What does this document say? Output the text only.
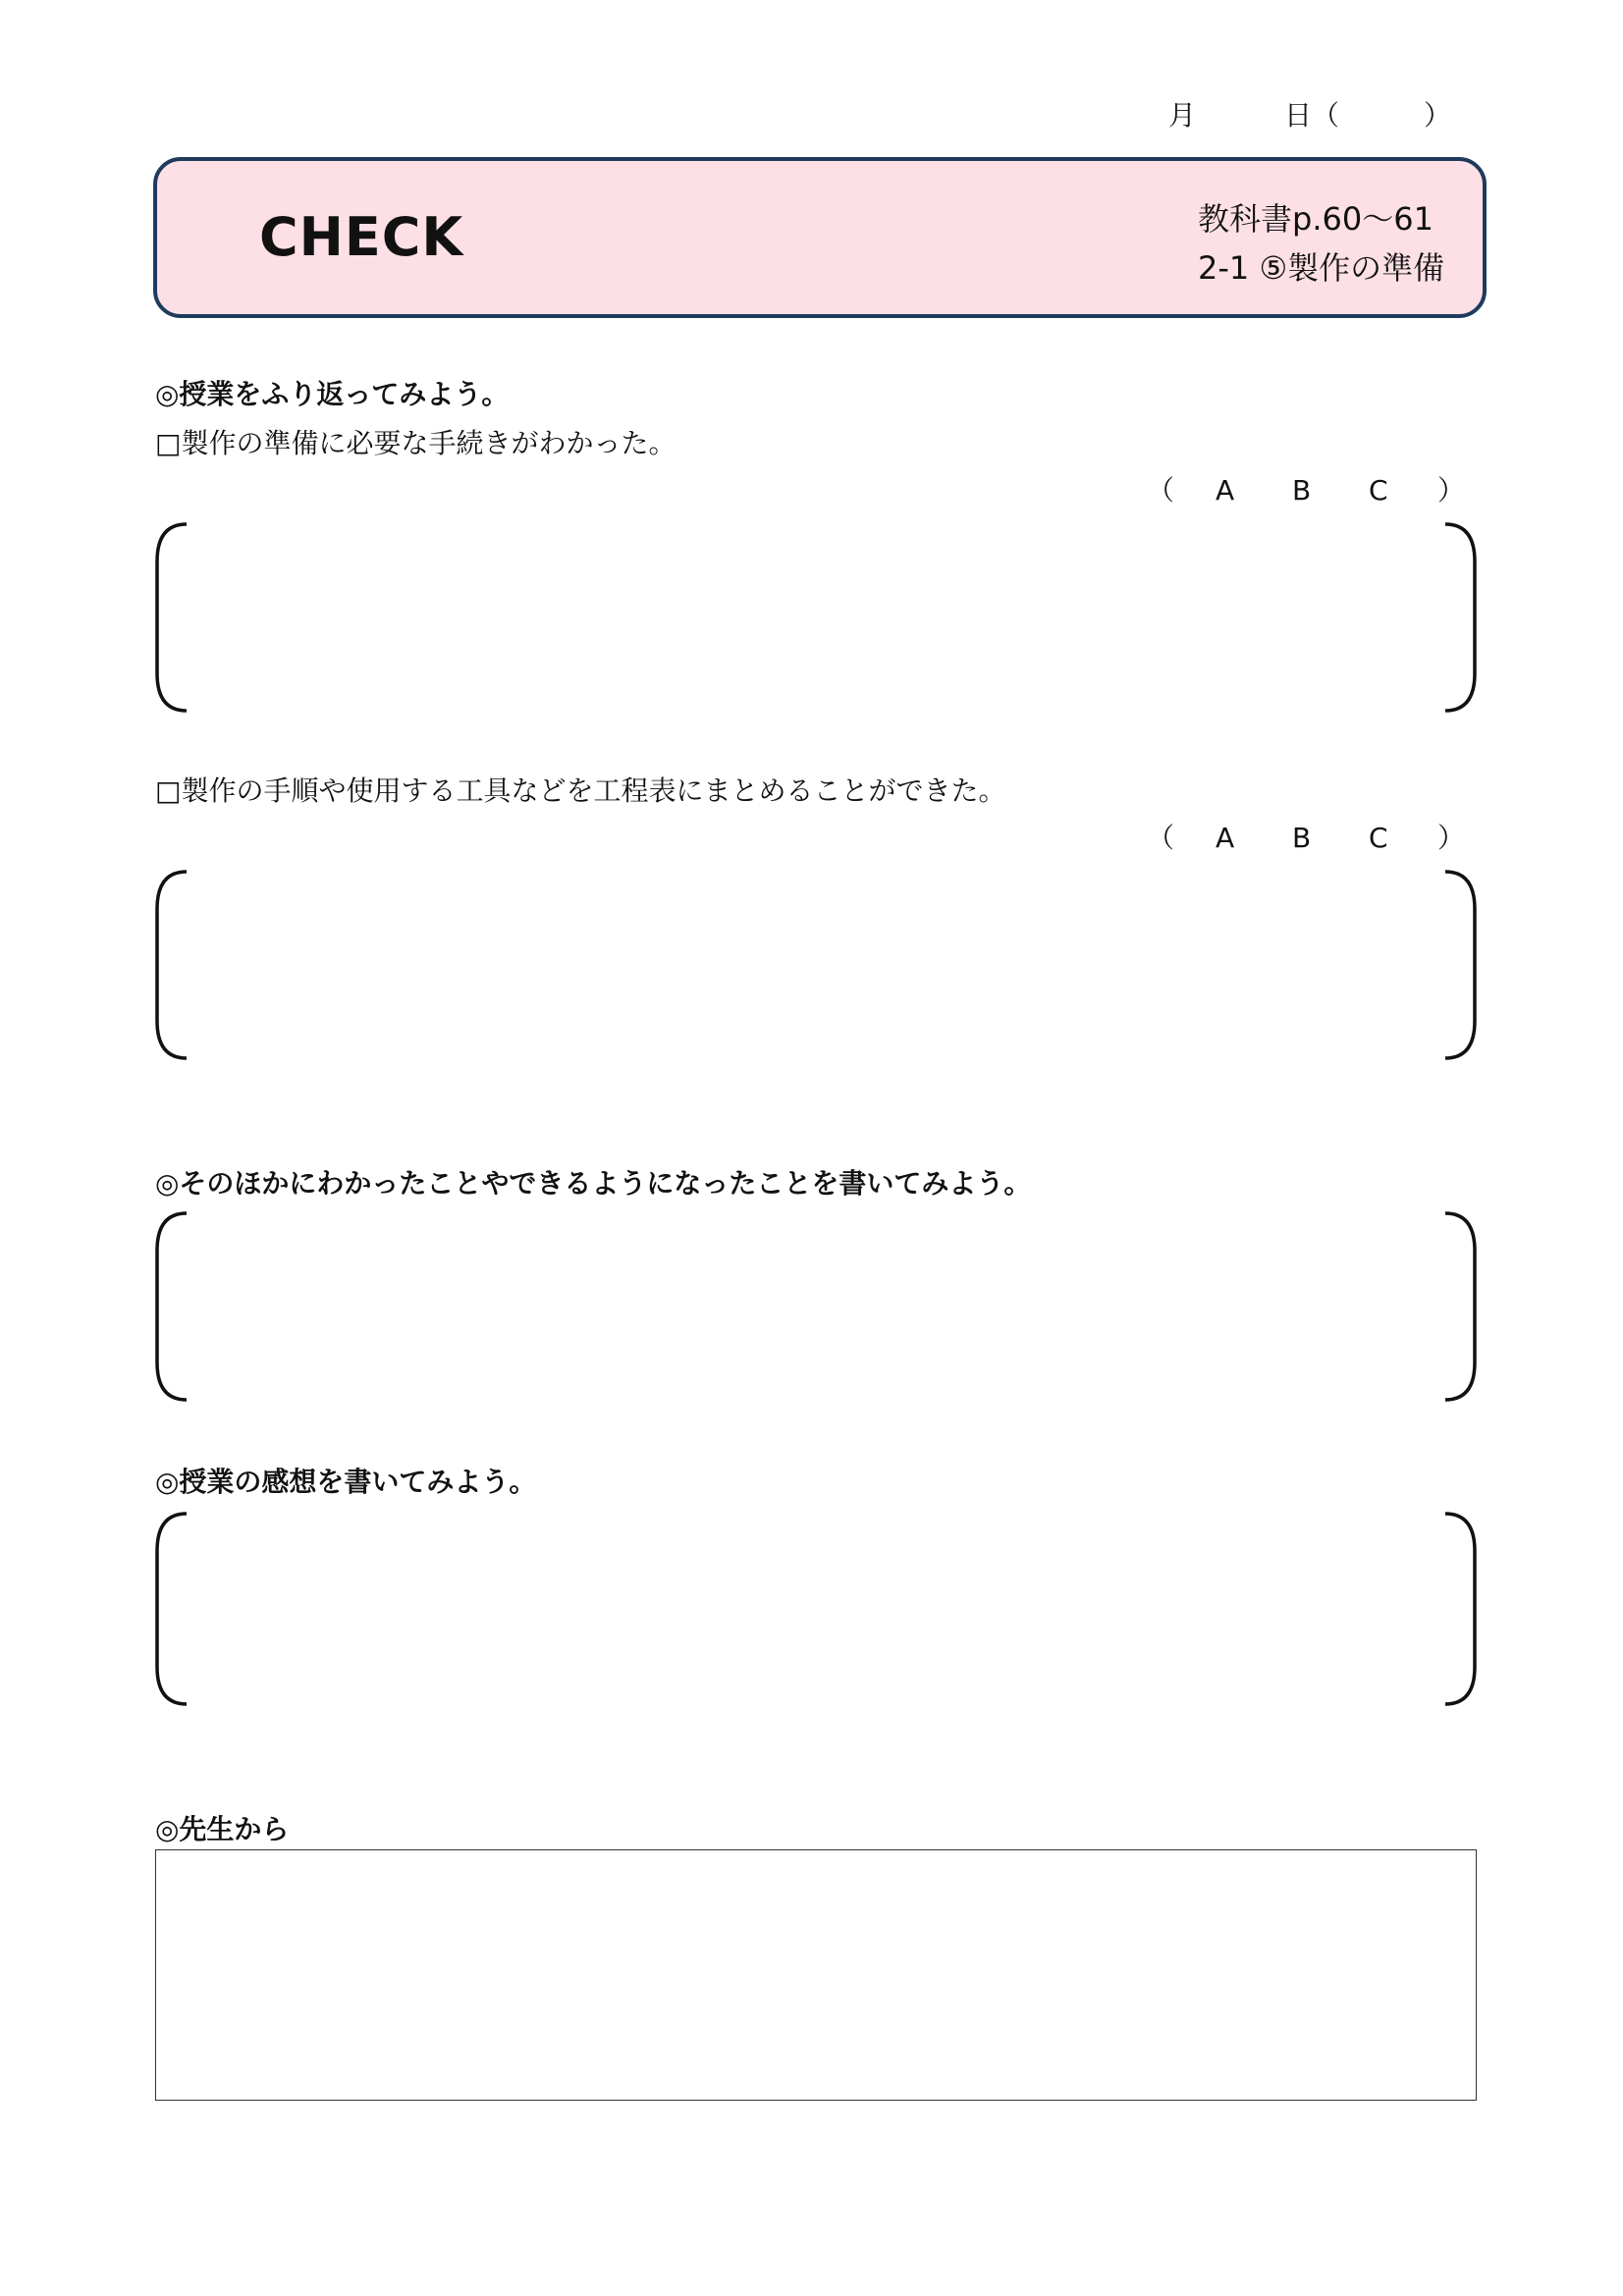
月	日（	）
CHECK	教科書p.60〜61
2-1 ⑤製作の準備
◎授業をふり返ってみよう。
□製作の準備に必要な手続きがわかった。
（ A B C ）
□製作の手順や使用する工具などを工程表にまとめることができた。
（ A B C ）
◎そのほかにわかったことやできるようになったことを書いてみよう。
◎授業の感想を書いてみよう。
◎先生から
